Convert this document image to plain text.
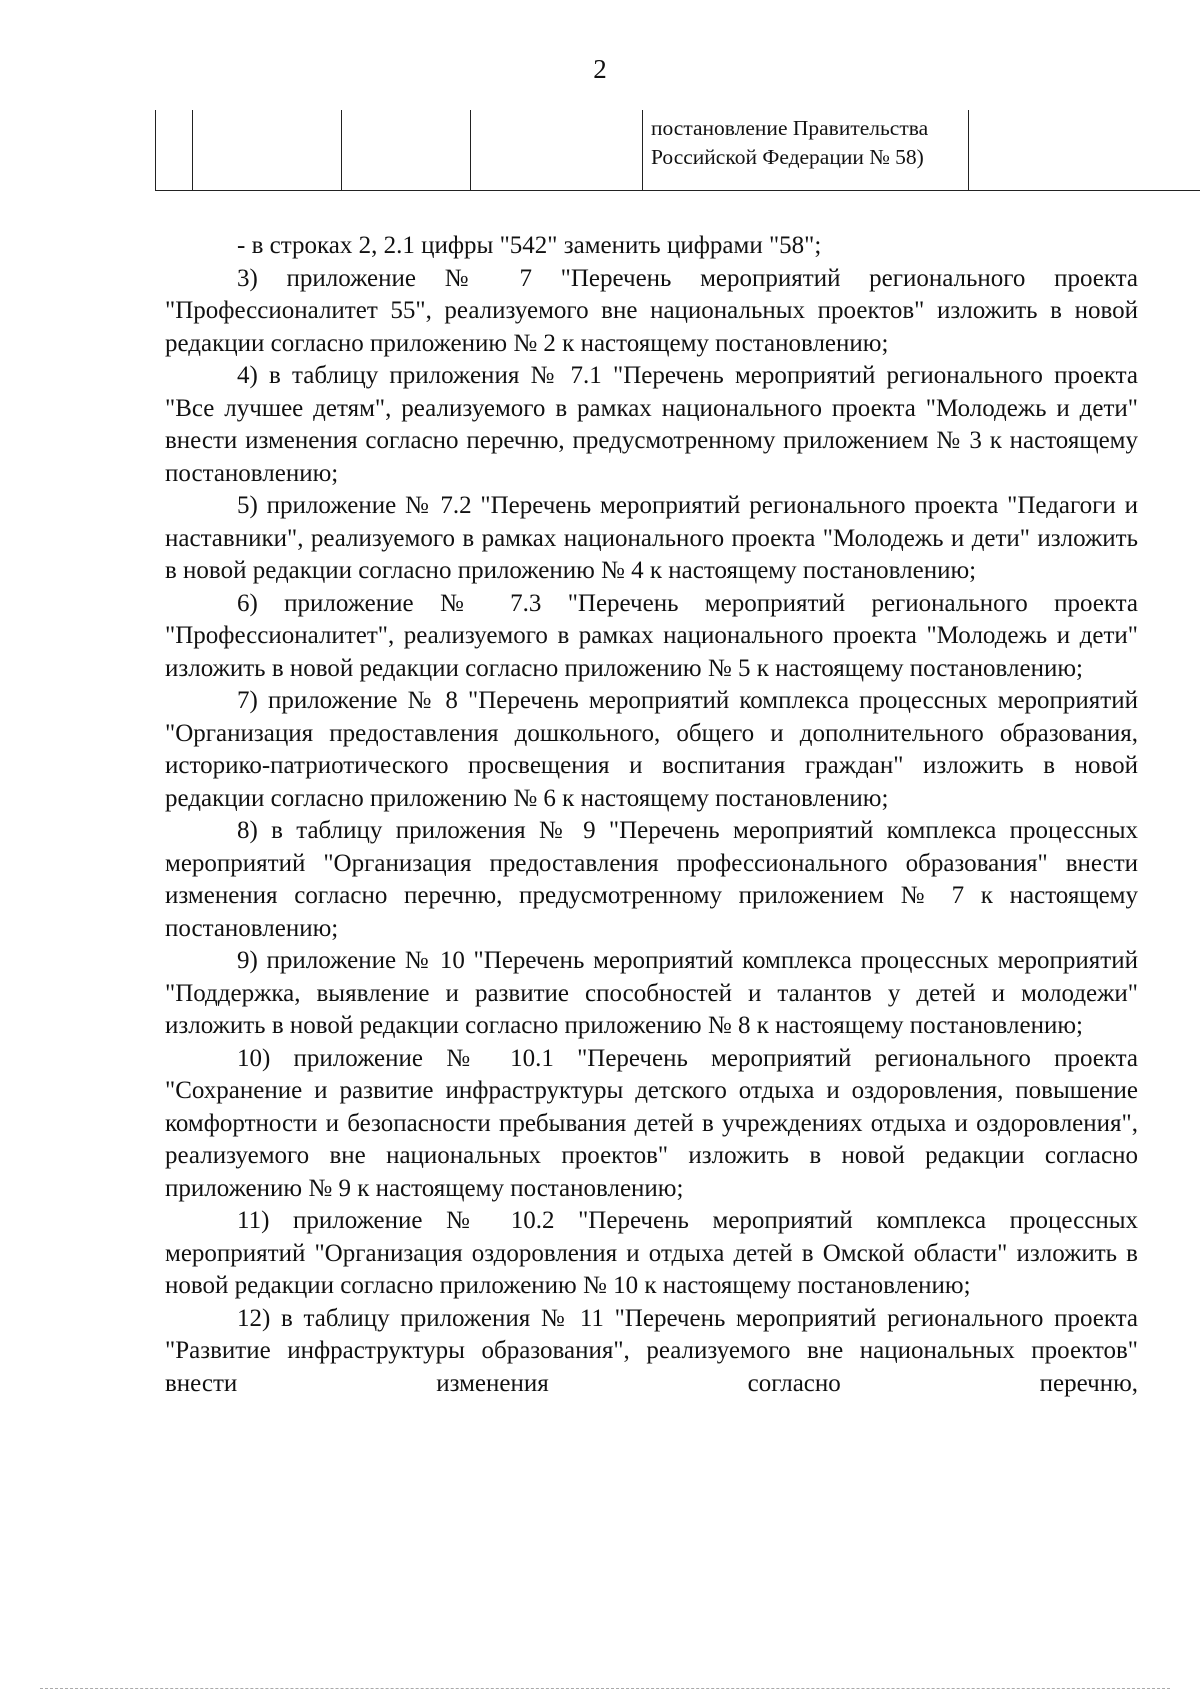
2
				постановление Правительства Российской Федерации № 58)	

- в строках 2, 2.1 цифры "542" заменить цифрами "58";

3) приложение № 7 "Перечень мероприятий регионального проекта "Профессионалитет 55", реализуемого вне национальных проектов" изложить в новой редакции согласно приложению № 2 к настоящему постановлению;

4) в таблицу приложения № 7.1 "Перечень мероприятий регионального проекта "Все лучшее детям", реализуемого в рамках национального проекта "Молодежь и дети" внести изменения согласно перечню, предусмотренному приложением № 3 к настоящему постановлению;

5) приложение № 7.2 "Перечень мероприятий регионального проекта "Педагоги и наставники", реализуемого в рамках национального проекта "Молодежь и дети" изложить в новой редакции согласно приложению № 4 к настоящему постановлению;

6) приложение № 7.3 "Перечень мероприятий регионального проекта "Профессионалитет", реализуемого в рамках национального проекта "Молодежь и дети" изложить в новой редакции согласно приложению № 5 к настоящему постановлению;

7) приложение № 8 "Перечень мероприятий комплекса процессных мероприятий "Организация предоставления дошкольного, общего и дополнительного образования, историко-патриотического просвещения и воспитания граждан" изложить в новой редакции согласно приложению № 6 к настоящему постановлению;

8) в таблицу приложения № 9 "Перечень мероприятий комплекса процессных мероприятий "Организация предоставления профессионального образования" внести изменения согласно перечню, предусмотренному приложением № 7 к настоящему постановлению;

9) приложение № 10 "Перечень мероприятий комплекса процессных мероприятий "Поддержка, выявление и развитие способностей и талантов у детей и молодежи" изложить в новой редакции согласно приложению № 8 к настоящему постановлению;

10) приложение № 10.1 "Перечень мероприятий регионального проекта "Сохранение и развитие инфраструктуры детского отдыха и оздоровления, повышение комфортности и безопасности пребывания детей в учреждениях отдыха и оздоровления", реализуемого вне национальных проектов" изложить в новой редакции согласно приложению № 9 к настоящему постановлению;

11) приложение № 10.2 "Перечень мероприятий комплекса процессных мероприятий "Организация оздоровления и отдыха детей в Омской области" изложить в новой редакции согласно приложению № 10 к настоящему постановлению;

12) в таблицу приложения № 11 "Перечень мероприятий регионального проекта "Развитие инфраструктуры образования", реализуемого вне национальных проектов" внести изменения согласно перечню,
